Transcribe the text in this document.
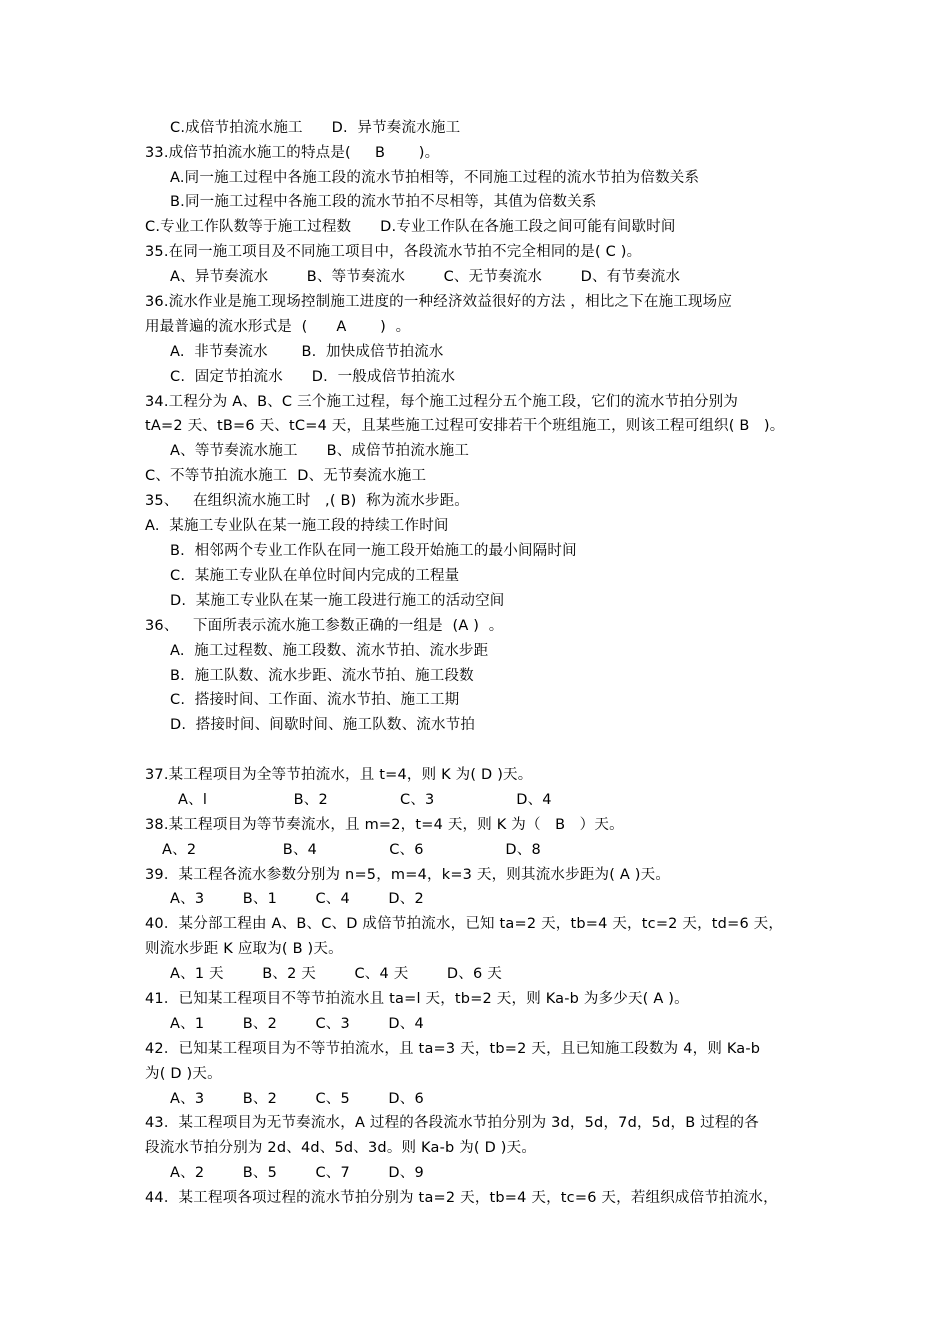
C.成倍节拍流水施工      D.  异节奏流水施工
33.成倍节拍流水施工的特点是(     B       )。
A.同一施工过程中各施工段的流水节拍相等，不同施工过程的流水节拍为倍数关系
B.同一施工过程中各施工段的流水节拍不尽相等，其值为倍数关系
C.专业工作队数等于施工过程数      D.专业工作队在各施工段之间可能有间歇时间
35.在同一施工项目及不同施工项目中，各段流水节拍不完全相同的是( C )。
A、异节奏流水        B、等节奏流水        C、无节奏流水        D、有节奏流水
36.流水作业是施工现场控制施工进度的一种经济效益很好的方法 ，相比之下在施工现场应
用最普遍的流水形式是  (      A       )  。
A.  非节奏流水       B.  加快成倍节拍流水
C.  固定节拍流水      D.  一般成倍节拍流水
34.工程分为 A、B、C 三个施工过程，每个施工过程分五个施工段，它们的流水节拍分别为
tA=2 天、tB=6 天、tC=4 天，且某些施工过程可安排若干个班组施工，则该工程可组织( B   )。
A、等节奏流水施工      B、成倍节拍流水施工
C、不等节拍流水施工  D、无节奏流水施工
35、   在组织流水施工时   ,( B)  称为流水步距。
A.  某施工专业队在某一施工段的持续工作时间
B.  相邻两个专业工作队在同一施工段开始施工的最小间隔时间
C.  某施工专业队在单位时间内完成的工程量
D.  某施工专业队在某一施工段进行施工的活动空间
36、   下面所表示流水施工参数正确的一组是  (A )  。
A.  施工过程数、施工段数、流水节拍、流水步距
B.  施工队数、流水步距、流水节拍、施工段数
C.  搭接时间、工作面、流水节拍、施工工期
D.  搭接时间、间歇时间、施工队数、流水节拍
37.某工程项目为全等节拍流水，且 t=4，则 K 为( D )天。
A、l                  B、2               C、3                 D、4
38.某工程项目为等节奏流水，且 m=2，t=4 天，则 K 为（   B   ）天。
A、2                  B、4               C、6                 D、8
39．某工程各流水参数分别为 n=5，m=4，k=3 天，则其流水步距为( A )天。
A、3        B、1        C、4        D、2
40．某分部工程由 A、B、C、D 成倍节拍流水，已知 ta=2 天，tb=4 天，tc=2 天，td=6 天，
则流水步距 K 应取为( B )天。
A、1 天        B、2 天        C、4 天        D、6 天
41．已知某工程项目不等节拍流水且 ta=l 天，tb=2 天，则 Ka-b 为多少天( A )。
A、1        B、2        C、3        D、4
42．已知某工程项目为不等节拍流水，且 ta=3 天，tb=2 天，且已知施工段数为 4，则 Ka-b
为( D )天。
A、3        B、2        C、5        D、6
43．某工程项目为无节奏流水，A 过程的各段流水节拍分别为 3d，5d，7d，5d，B 过程的各
段流水节拍分别为 2d、4d、5d、3d。则 Ka-b 为( D )天。
A、2        B、5        C、7        D、9
44．某工程项各项过程的流水节拍分别为 ta=2 天，tb=4 天，tc=6 天，若组织成倍节拍流水，
